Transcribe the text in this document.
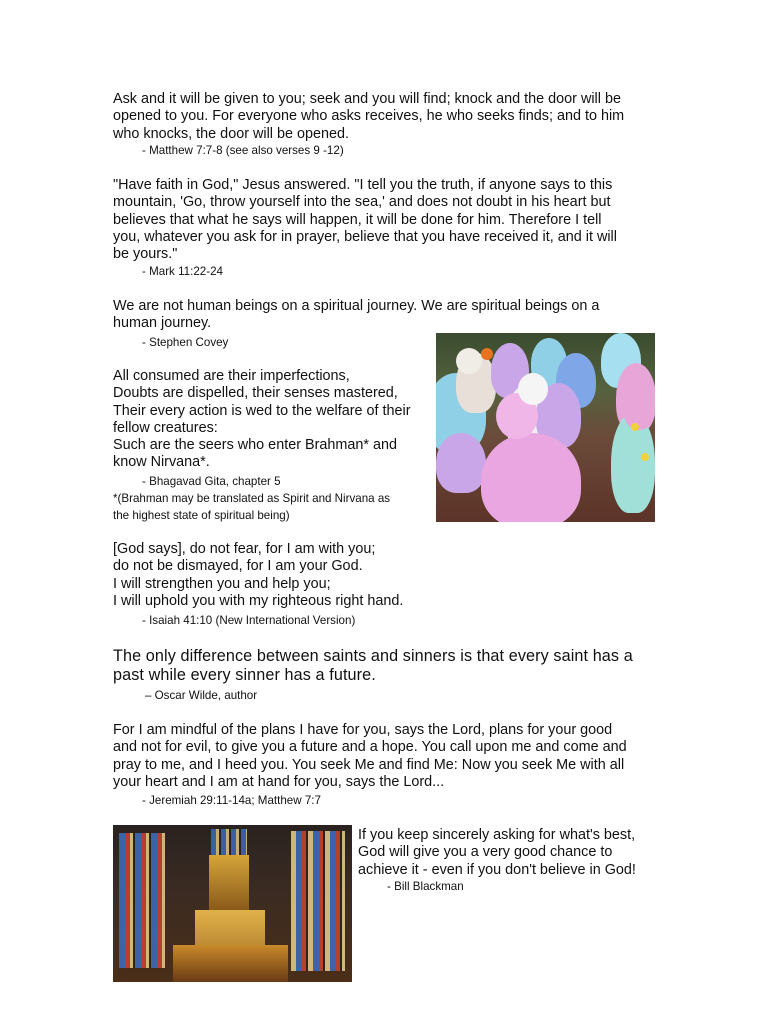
Ask and it will be given to you; seek and you will find; knock and the door will be
opened to you. For everyone who asks receives, he who seeks finds; and to him
who knocks, the door will be opened.
- Matthew 7:7-8 (see also verses 9 -12)
"Have faith in God," Jesus answered. "I tell you the truth, if anyone says to this
mountain, 'Go, throw yourself into the sea,' and does not doubt in his heart but
believes that what he says will happen, it will be done for him. Therefore I tell
you, whatever you ask for in prayer, believe that you have received it, and it will
be yours."
- Mark 11:22-24
We are not human beings on a spiritual journey. We are spiritual beings on a
human journey.
- Stephen Covey
All consumed are their imperfections,
Doubts are dispelled, their senses mastered,
Their every action is wed to the welfare of their
fellow creatures:
Such are the seers who enter Brahman* and
know Nirvana*.
- Bhagavad Gita, chapter 5
*(Brahman may be translated as Spirit and Nirvana as
the highest state of spiritual being)
[God says], do not fear, for I am with you;
do not be dismayed, for I am your God.
I will strengthen you and help you;
I will uphold you with my righteous right hand.
- Isaiah 41:10 (New International Version)
The only difference between saints and sinners is that every saint has a
past while every sinner has a future.
– Oscar Wilde, author
For I am mindful of the plans I have for you, says the Lord, plans for your good
and not for evil, to give you a future and a hope. You call upon me and come and
pray to me, and I heed you. You seek Me and find Me: Now you seek Me with all
your heart and I am at hand for you, says the Lord...
- Jeremiah 29:11-14a; Matthew 7:7
If you keep sincerely asking for what's best,
God will give you a very good chance to
achieve it - even if you don't believe in God!
- Bill Blackman
